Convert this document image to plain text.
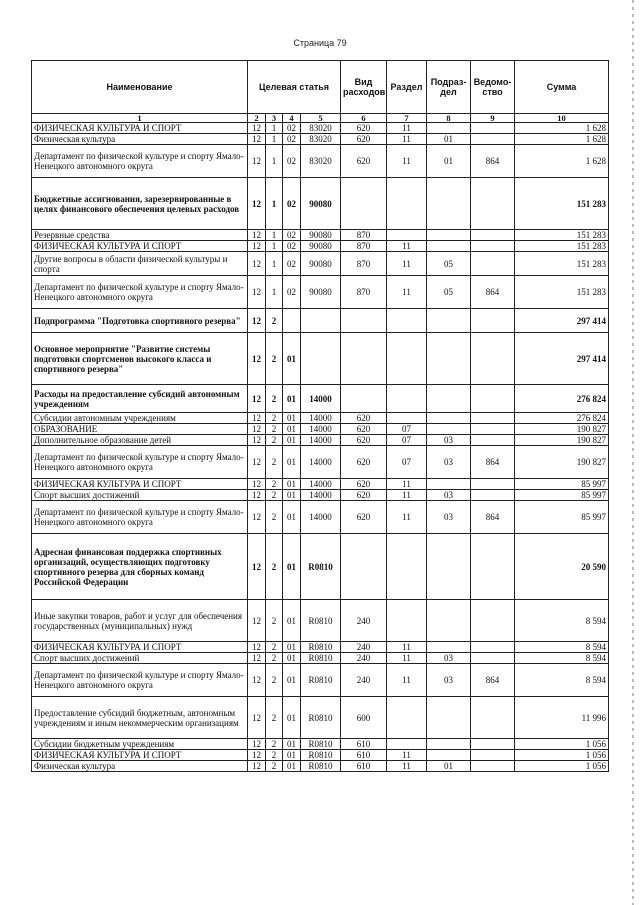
Страница 79
Наименование	Целевая статья				Вид расходов	Раздел	Подраз-дел	Ведомо-ство	Сумма
1	2	3	4	5	6	7	8	9	10
ФИЗИЧЕСКАЯ КУЛЬТУРА И СПОРТ	12	1	02	83020	620	11			1 628
Физическая культура	12	1	02	83020	620	11	01		1 628
Департамент по физической культуре и спорту Ямало-Ненецкого автономного округа	12	1	02	83020	620	11	01	864	1 628
Бюджетные ассигнования, зарезервированные в целях финансового обеспечения целевых расходов	12	1	02	90080					151 283
Резервные средства	12	1	02	90080	870				151 283
ФИЗИЧЕСКАЯ КУЛЬТУРА И СПОРТ	12	1	02	90080	870	11			151 283
Другие вопросы в области физической культуры и спорта	12	1	02	90080	870	11	05		151 283
Департамент по физической культуре и спорту Ямало-Ненецкого автономного округа	12	1	02	90080	870	11	05	864	151 283
Подпрограмма "Подготовка спортивного резерва"	12	2							297 414
Основное мероприятие "Развитие системы подготовки спортсменов высокого класса и спортивного резерва"	12	2	01						297 414
Расходы на предоставление субсидий автономным учреждениям	12	2	01	14000					276 824
Субсидии автономным учреждениям	12	2	01	14000	620				276 824
ОБРАЗОВАНИЕ	12	2	01	14000	620	07			190 827
Дополнительное образование детей	12	2	01	14000	620	07	03		190 827
Департамент по физической культуре и спорту Ямало-Ненецкого автономного округа	12	2	01	14000	620	07	03	864	190 827
ФИЗИЧЕСКАЯ КУЛЬТУРА И СПОРТ	12	2	01	14000	620	11			85 997
Спорт высших достижений	12	2	01	14000	620	11	03		85 997
Департамент по физической культуре и спорту Ямало-Ненецкого автономного округа	12	2	01	14000	620	11	03	864	85 997
Адресная финансовая поддержка спортивных организаций, осуществляющих подготовку спортивного резерва для сборных команд Российской Федерации	12	2	01	R0810					20 590
Иные закупки товаров, работ и услуг для обеспечения государственных (муниципальных) нужд	12	2	01	R0810	240				8 594
ФИЗИЧЕСКАЯ КУЛЬТУРА И СПОРТ	12	2	01	R0810	240	11			8 594
Спорт высших достижений	12	2	01	R0810	240	11	03		8 594
Департамент по физической культуре и спорту Ямало-Ненецкого автономного округа	12	2	01	R0810	240	11	03	864	8 594
Предоставление субсидий бюджетным, автономным учреждениям и иным некоммерческим организациям	12	2	01	R0810	600				11 996
Субсидии бюджетным учреждениям	12	2	01	R0810	610				1 056
ФИЗИЧЕСКАЯ КУЛЬТУРА И СПОРТ	12	2	01	R0810	610	11			1 056
Физическая культура	12	2	01	R0810	610	11	01		1 056
